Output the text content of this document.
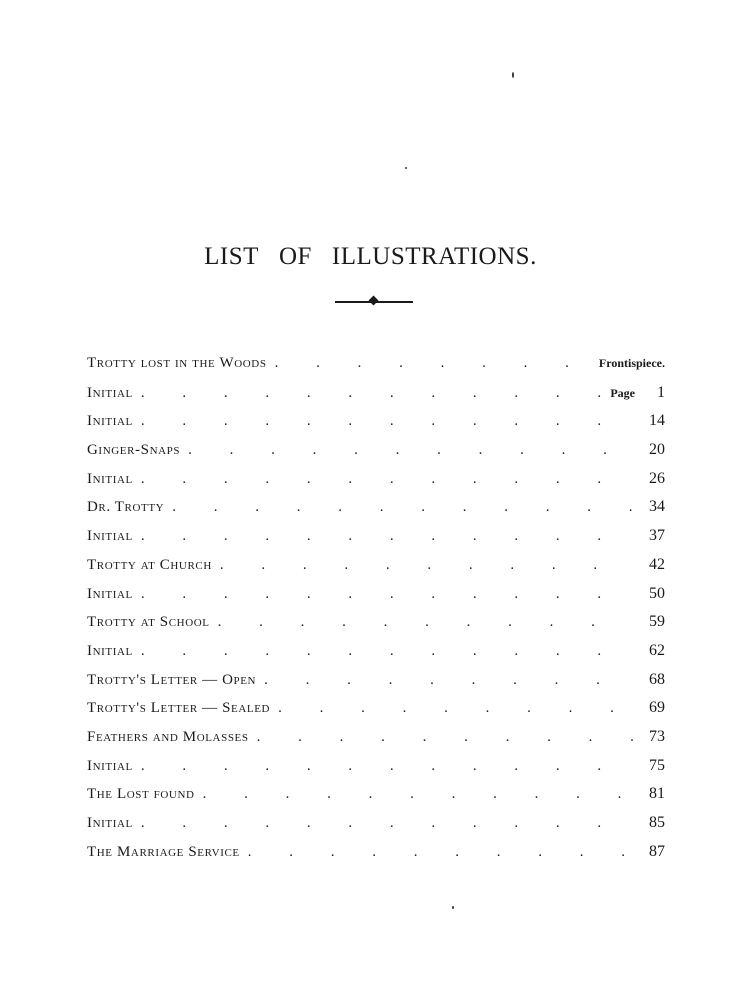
LIST OF ILLUSTRATIONS.
Trotty lost in the Woods . . .	Frontispiece.
Initial . . .	Page	1
Initial . . .	14
Ginger-Snaps . . .	20
Initial . . .	26
Dr. Trotty . . .	34
Initial . . .	37
Trotty at Church . . .	42
Initial . . .	50
Trotty at School . . .	59
Initial . . .	62
Trotty's Letter — Open . . .	68
Trotty's Letter — Sealed . . .	69
Feathers and Molasses . . .	73
Initial . . .	75
The Lost found . . .	81
Initial . . .	85
The Marriage Service . . .	87
